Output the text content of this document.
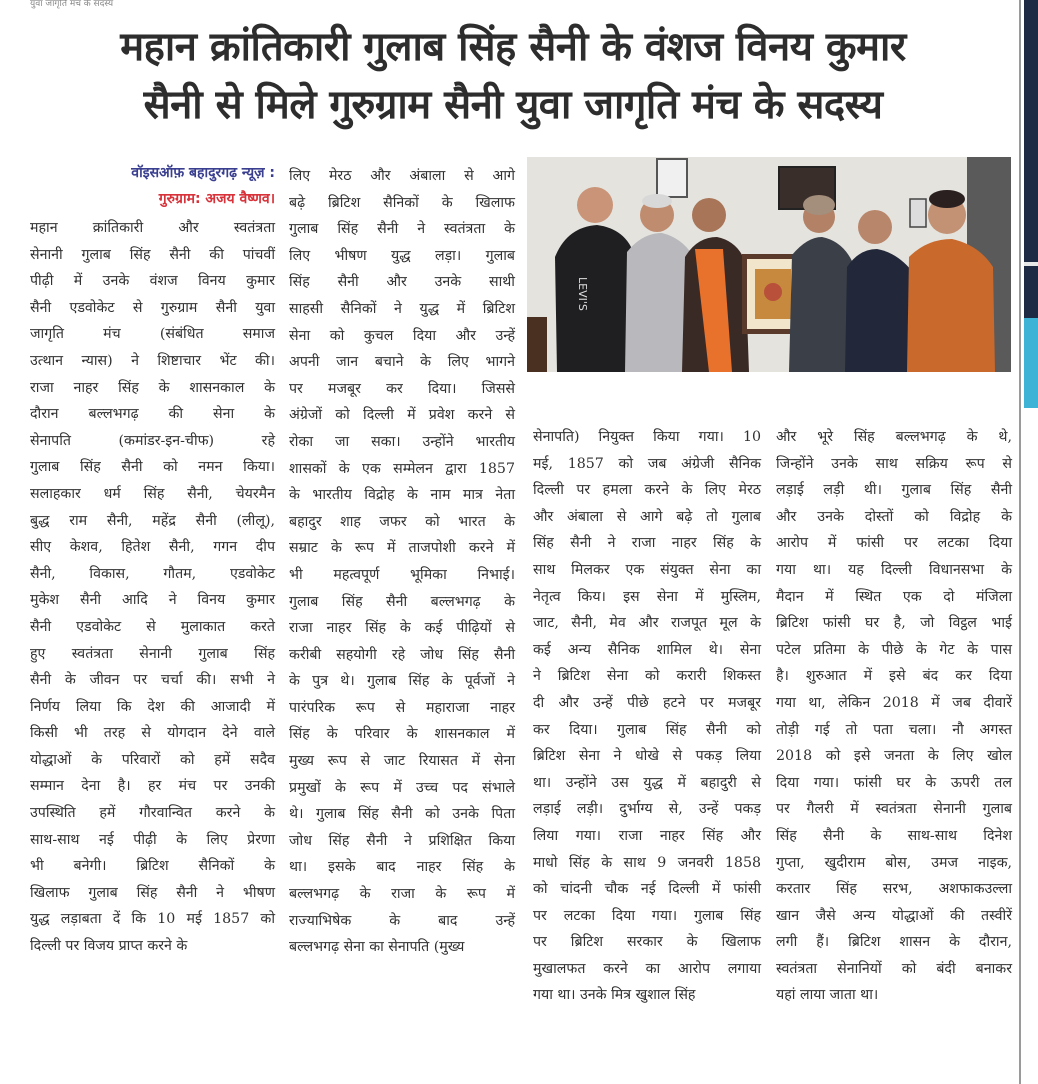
युवा जागृति मंच के सदस्य
महान क्रांतिकारी गुलाब सिंह सैनी के वंशज विनय कुमार
सैनी से मिले गुरुग्राम सैनी युवा जागृति मंच के सदस्य
वॉइसऑफ़ बहादुरगढ़ न्यूज़ :
गुरुग्राम: अजय वैष्णव।

महान क्रांतिकारी और स्वतंत्रता

सेनानी गुलाब सिंह सैनी की पांचवीं

पीढ़ी में उनके वंशज विनय कुमार

सैनी एडवोकेट से गुरुग्राम सैनी युवा

जागृति मंच (संबंधित समाज

उत्थान न्यास) ने शिष्टाचार भेंट की।

राजा नाहर सिंह के शासनकाल के

दौरान बल्लभगढ़ की सेना के

सेनापति (कमांडर-इन-चीफ) रहे

गुलाब सिंह सैनी को नमन किया।

सलाहकार धर्म सिंह सैनी, चेयरमैन

बुद्ध राम सैनी, महेंद्र सैनी (लीलू),

सीए केशव, हितेश सैनी, गगन दीप

सैनी, विकास, गौतम, एडवोकेट

मुकेश सैनी आदि ने विनय कुमार

सैनी एडवोकेट से मुलाकात करते

हुए स्वतंत्रता सेनानी गुलाब सिंह

सैनी के जीवन पर चर्चा की। सभी ने

निर्णय लिया कि देश की आजादी में

किसी भी तरह से योगदान देने वाले

योद्धाओं के परिवारों को हमें सदैव

सम्मान देना है। हर मंच पर उनकी

उपस्थिति हमें गौरवान्वित करने के

साथ-साथ नई पीढ़ी के लिए प्रेरणा

भी बनेगी। ब्रिटिश सैनिकों के

खिलाफ गुलाब सिंह सैनी ने भीषण

युद्ध लड़ाबता दें कि 10 मई 1857 को

दिल्ली पर विजय प्राप्त करने के

लिए मेरठ और अंबाला से आगे

बढ़े ब्रिटिश सैनिकों के खिलाफ

गुलाब सिंह सैनी ने स्वतंत्रता के

लिए भीषण युद्ध लड़ा। गुलाब

सिंह सैनी और उनके साथी

साहसी सैनिकों ने युद्ध में ब्रिटिश

सेना को कुचल दिया और उन्हें

अपनी जान बचाने के लिए भागने

पर मजबूर कर दिया। जिससे

अंग्रेजों को दिल्ली में प्रवेश करने से

रोका जा सका। उन्होंने भारतीय

शासकों के एक सम्मेलन द्वारा 1857

के भारतीय विद्रोह के नाम मात्र नेता

बहादुर शाह जफर को भारत के

सम्राट के रूप में ताजपोशी करने में

भी महत्वपूर्ण भूमिका निभाई।

गुलाब सिंह सैनी बल्लभगढ़ के

राजा नाहर सिंह के कई पीढ़ियों से

करीबी सहयोगी रहे जोध सिंह सैनी

के पुत्र थे। गुलाब सिंह के पूर्वजों ने

पारंपरिक रूप से महाराजा नाहर

सिंह के परिवार के शासनकाल में

मुख्य रूप से जाट रियासत में सेना

प्रमुखों के रूप में उच्च पद संभाले

थे। गुलाब सिंह सैनी को उनके पिता

जोध सिंह सैनी ने प्रशिक्षित किया

था। इसके बाद नाहर सिंह के

बल्लभगढ़ के राजा के रूप में

राज्याभिषेक के बाद उन्हें

बल्लभगढ़ सेना का सेनापति (मुख्य

सेनापति) नियुक्त किया गया। 10

मई, 1857 को जब अंग्रेजी सैनिक

दिल्ली पर हमला करने के लिए मेरठ

और अंबाला से आगे बढ़े तो गुलाब

सिंह सैनी ने राजा नाहर सिंह के

साथ मिलकर एक संयुक्त सेना का

नेतृत्व किय। इस सेना में मुस्लिम,

जाट, सैनी, मेव और राजपूत मूल के

कई अन्य सैनिक शामिल थे। सेना

ने ब्रिटिश सेना को करारी शिकस्त

दी और उन्हें पीछे हटने पर मजबूर

कर दिया। गुलाब सिंह सैनी को

ब्रिटिश सेना ने धोखे से पकड़ लिया

था। उन्होंने उस युद्ध में बहादुरी से

लड़ाई लड़ी। दुर्भाग्य से, उन्हें पकड़

लिया गया। राजा नाहर सिंह और

माधो सिंह के साथ 9 जनवरी 1858

को चांदनी चौक नई दिल्ली में फांसी

पर लटका दिया गया। गुलाब सिंह

पर ब्रिटिश सरकार के खिलाफ

मुखालफत करने का आरोप लगाया

गया था। उनके मित्र खुशाल सिंह

और भूरे सिंह बल्लभगढ़ के थे,

जिन्होंने उनके साथ सक्रिय रूप से

लड़ाई लड़ी थी। गुलाब सिंह सैनी

और उनके दोस्तों को विद्रोह के

आरोप में फांसी पर लटका दिया

गया था। यह दिल्ली विधानसभा के

मैदान में स्थित एक दो मंजिला

ब्रिटिश फांसी घर है, जो विट्ठल भाई

पटेल प्रतिमा के पीछे के गेट के पास

है। शुरुआत में इसे बंद कर दिया

गया था, लेकिन 2018 में जब दीवारें

तोड़ी गई तो पता चला। नौ अगस्त

2018 को इसे जनता के लिए खोल

दिया गया। फांसी घर के ऊपरी तल

पर गैलरी में स्वतंत्रता सेनानी गुलाब

सिंह सैनी के साथ-साथ दिनेश

गुप्ता, खुदीराम बोस, उमज नाइक,

करतार सिंह सरभ, अशफाकउल्ला

खान जैसे अन्य योद्धाओं की तस्वीरें

लगी हैं। ब्रिटिश शासन के दौरान,

स्वतंत्रता सेनानियों को बंदी बनाकर

यहां लाया जाता था।

LEVI'S
